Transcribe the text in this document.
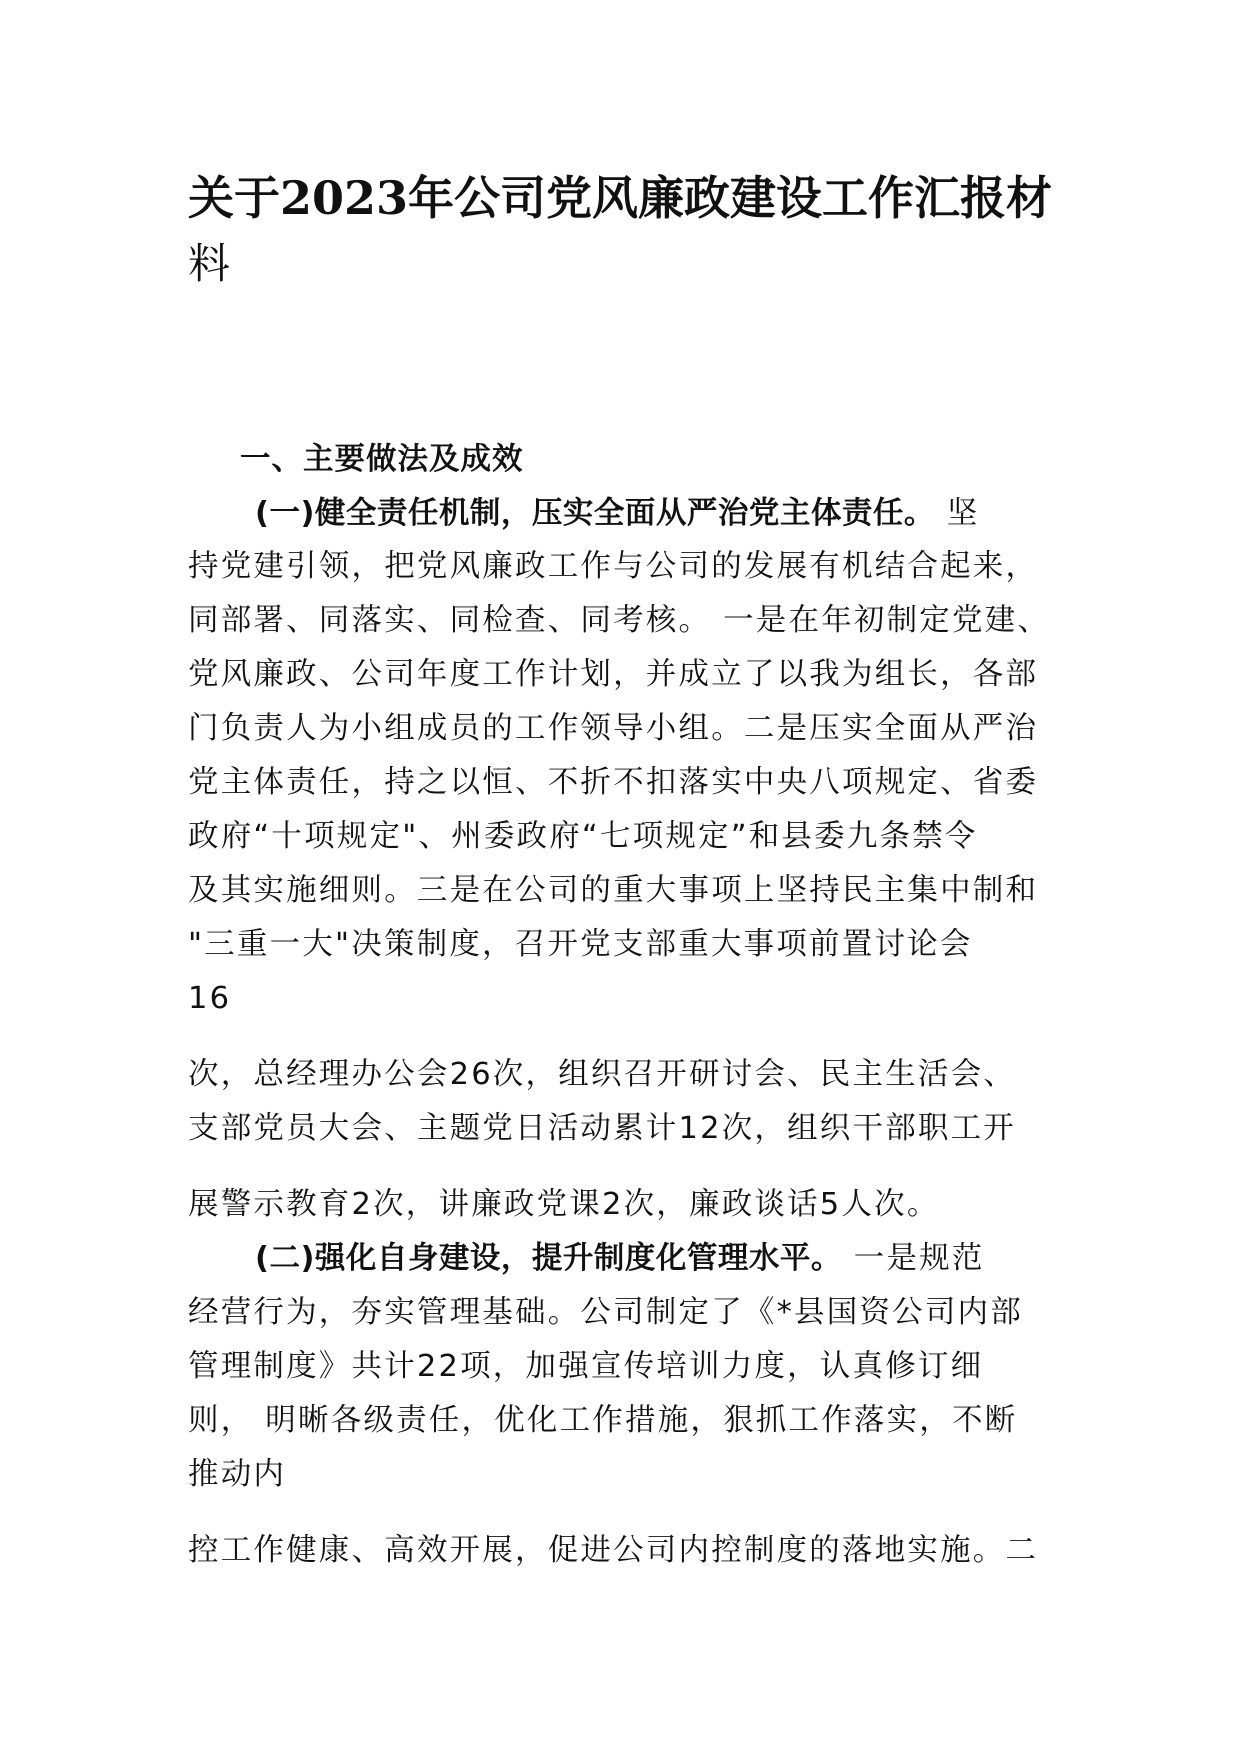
关于2023年公司党风廉政建设工作汇报材
料
一、主要做法及成效
(一)健全责任机制，压实全面从严治党主体责任。 坚
持党建引领，把党风廉政工作与公司的发展有机结合起来，
同部署、同落实、同检查、同考核。 一是在年初制定党建、
党风廉政、公司年度工作计划，并成立了以我为组长，各部
门负责人为小组成员的工作领导小组。二是压实全面从严治
党主体责任，持之以恒、不折不扣落实中央八项规定、省委
政府“十项规定"、州委政府“七项规定”和县委九条禁令
及其实施细则。三是在公司的重大事项上坚持民主集中制和
"三重一大"决策制度，召开党支部重大事项前置讨论会
16
次，总经理办公会26次，组织召开研讨会、民主生活会、
支部党员大会、主题党日活动累计12次，组织干部职工开
展警示教育2次，讲廉政党课2次，廉政谈话5人次。
(二)强化自身建设，提升制度化管理水平。 一是规范
经营行为，夯实管理基础。公司制定了《*县国资公司内部
管理制度》共计22项，加强宣传培训力度，认真修订细
则， 明晰各级责任，优化工作措施，狠抓工作落实，不断
推动内
控工作健康、高效开展，促进公司内控制度的落地实施。二
